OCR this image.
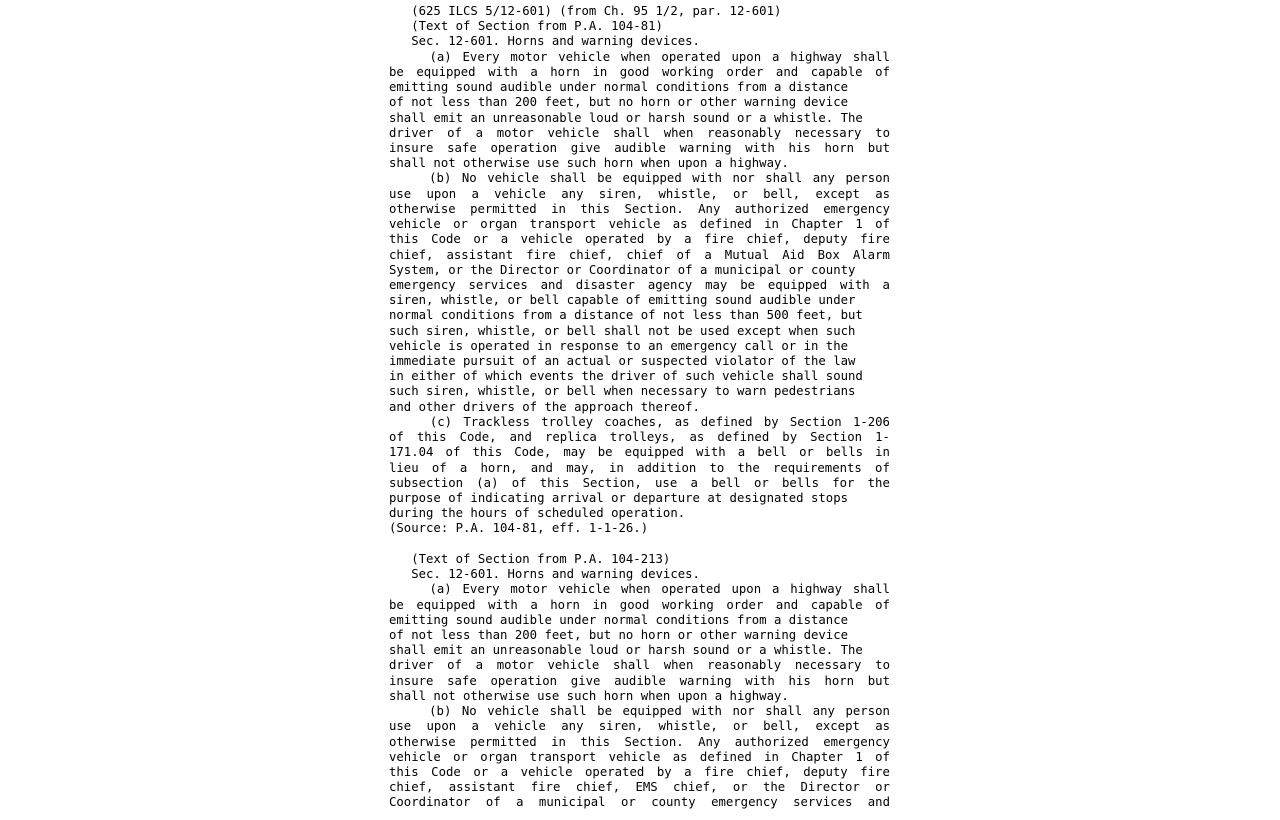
(625 ILCS 5/12-601) (from Ch. 95 1/2, par. 12-601)
(Text of Section from P.A. 104-81)
Sec. 12-601. Horns and warning devices.

(a) Every motor vehicle when operated upon a highway shall
be equipped with a horn in good working order and capable of
emitting sound audible under normal conditions from a distance
of not less than 200 feet, but no horn or other warning device
shall emit an unreasonable loud or harsh sound or a whistle. The
driver of a motor vehicle shall when reasonably necessary to
insure safe operation give audible warning with his horn but
shall not otherwise use such horn when upon a highway.

(b) No vehicle shall be equipped with nor shall any person
use upon a vehicle any siren, whistle, or bell, except as
otherwise permitted in this Section. Any authorized emergency
vehicle or organ transport vehicle as defined in Chapter 1 of
this Code or a vehicle operated by a fire chief, deputy fire
chief, assistant fire chief, chief of a Mutual Aid Box Alarm
System, or the Director or Coordinator of a municipal or county
emergency services and disaster agency may be equipped with a
siren, whistle, or bell capable of emitting sound audible under
normal conditions from a distance of not less than 500 feet, but
such siren, whistle, or bell shall not be used except when such
vehicle is operated in response to an emergency call or in the
immediate pursuit of an actual or suspected violator of the law
in either of which events the driver of such vehicle shall sound
such siren, whistle, or bell when necessary to warn pedestrians
and other drivers of the approach thereof.

(c) Trackless trolley coaches, as defined by Section 1-206
of this Code, and replica trolleys, as defined by Section 1-
171.04 of this Code, may be equipped with a bell or bells in
lieu of a horn, and may, in addition to the requirements of
subsection (a) of this Section, use a bell or bells for the
purpose of indicating arrival or departure at designated stops
during the hours of scheduled operation.
(Source: P.A. 104-81, eff. 1-1-26.)
(Text of Section from P.A. 104-213)
Sec. 12-601. Horns and warning devices.

(a) Every motor vehicle when operated upon a highway shall
be equipped with a horn in good working order and capable of
emitting sound audible under normal conditions from a distance
of not less than 200 feet, but no horn or other warning device
shall emit an unreasonable loud or harsh sound or a whistle. The
driver of a motor vehicle shall when reasonably necessary to
insure safe operation give audible warning with his horn but
shall not otherwise use such horn when upon a highway.

(b) No vehicle shall be equipped with nor shall any person
use upon a vehicle any siren, whistle, or bell, except as
otherwise permitted in this Section. Any authorized emergency
vehicle or organ transport vehicle as defined in Chapter 1 of
this Code or a vehicle operated by a fire chief, deputy fire
chief, assistant fire chief, EMS chief, or the Director or
Coordinator of a municipal or county emergency services and
